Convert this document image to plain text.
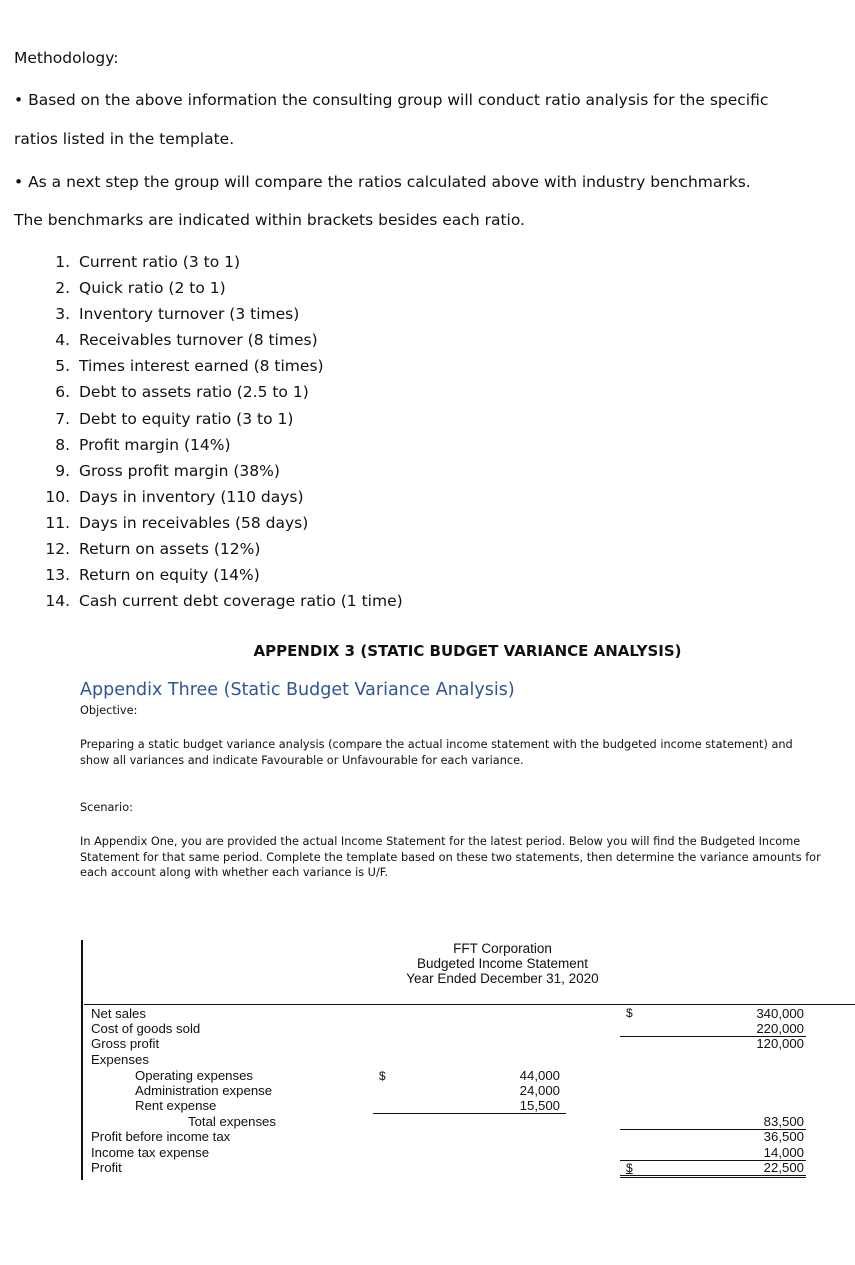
Methodology:

• Based on the above information the consulting group will conduct ratio analysis for the specific

ratios listed in the template.

• As a next step the group will compare the ratios calculated above with industry benchmarks.

The benchmarks are indicated within brackets besides each ratio.

1. Current ratio (3 to 1)
2. Quick ratio (2 to 1)
3. Inventory turnover (3 times)
4. Receivables turnover (8 times)
5. Times interest earned (8 times)
6. Debt to assets ratio (2.5 to 1)
7. Debt to equity ratio (3 to 1)
8. Profit margin (14%)
9. Gross profit margin (38%)
10. Days in inventory (110 days)
11. Days in receivables (58 days)
12. Return on assets (12%)
13. Return on equity (14%)
14. Cash current debt coverage ratio (1 time)

APPENDIX 3 (STATIC BUDGET VARIANCE ANALYSIS)

Appendix Three (Static Budget Variance Analysis)

Objective:

Preparing a static budget variance analysis (compare the actual income statement with the budgeted income statement) and show all variances and indicate Favourable or Unfavourable for each variance.

Scenario:

In Appendix One, you are provided the actual Income Statement for the latest period. Below you will find the Budgeted Income Statement for that same period. Complete the template based on these two statements, then determine the variance amounts for each account along with whether each variance is U/F.

FFT Corporation

Budgeted Income Statement

Year Ended December 31, 2020

Net sales

Cost of goods sold

Gross profit

Expenses

Operating expenses

Administration expense

Rent expense

Total expenses

Profit before income tax

Income tax expense

Profit

$

$

$

44,000

24,000

15,500

340,000

220,000

120,000

83,500

36,500

14,000

22,500
